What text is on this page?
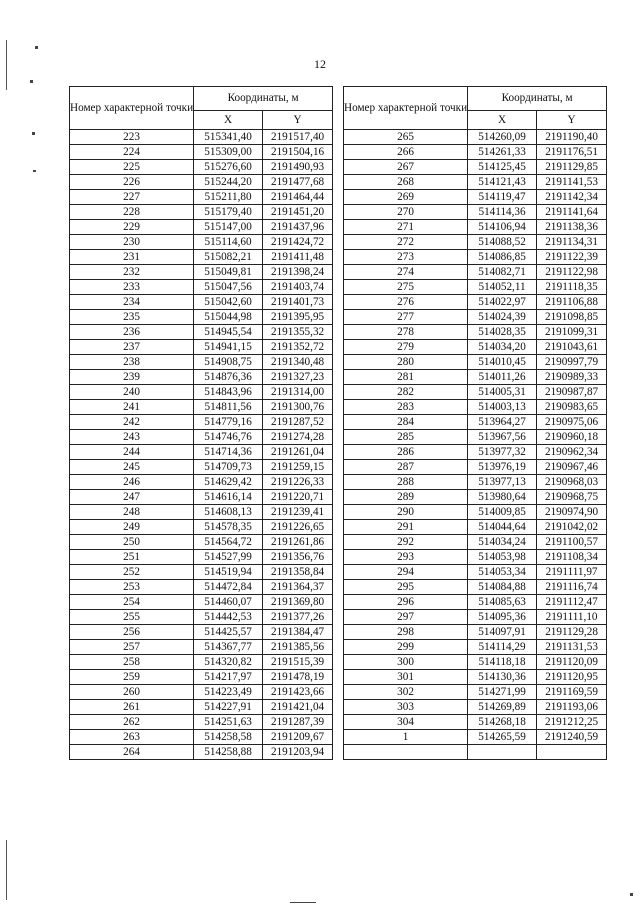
12
Номер характерной точки	Координаты, м	
	X	Y
223	515341,40	2191517,40
224	515309,00	2191504,16
225	515276,60	2191490,93
226	515244,20	2191477,68
227	515211,80	2191464,44
228	515179,40	2191451,20
229	515147,00	2191437,96
230	515114,60	2191424,72
231	515082,21	2191411,48
232	515049,81	2191398,24
233	515047,56	2191403,74
234	515042,60	2191401,73
235	515044,98	2191395,95
236	514945,54	2191355,32
237	514941,15	2191352,72
238	514908,75	2191340,48
239	514876,36	2191327,23
240	514843,96	2191314,00
241	514811,56	2191300,76
242	514779,16	2191287,52
243	514746,76	2191274,28
244	514714,36	2191261,04
245	514709,73	2191259,15
246	514629,42	2191226,33
247	514616,14	2191220,71
248	514608,13	2191239,41
249	514578,35	2191226,65
250	514564,72	2191261,86
251	514527,99	2191356,76
252	514519,94	2191358,84
253	514472,84	2191364,37
254	514460,07	2191369,80
255	514442,53	2191377,26
256	514425,57	2191384,47
257	514367,77	2191385,56
258	514320,82	2191515,39
259	514217,97	2191478,19
260	514223,49	2191423,66
261	514227,91	2191421,04
262	514251,63	2191287,39
263	514258,58	2191209,67
264	514258,88	2191203,94
Номер характерной точки	Координаты, м	
	X	Y
265	514260,09	2191190,40
266	514261,33	2191176,51
267	514125,45	2191129,85
268	514121,43	2191141,53
269	514119,47	2191142,34
270	514114,36	2191141,64
271	514106,94	2191138,36
272	514088,52	2191134,31
273	514086,85	2191122,39
274	514082,71	2191122,98
275	514052,11	2191118,35
276	514022,97	2191106,88
277	514024,39	2191098,85
278	514028,35	2191099,31
279	514034,20	2191043,61
280	514010,45	2190997,79
281	514011,26	2190989,33
282	514005,31	2190987,87
283	514003,13	2190983,65
284	513964,27	2190975,06
285	513967,56	2190960,18
286	513977,32	2190962,34
287	513976,19	2190967,46
288	513977,13	2190968,03
289	513980,64	2190968,75
290	514009,85	2190974,90
291	514044,64	2191042,02
292	514034,24	2191100,57
293	514053,98	2191108,34
294	514053,34	2191111,97
295	514084,88	2191116,74
296	514085,63	2191112,47
297	514095,36	2191111,10
298	514097,91	2191129,28
299	514114,29	2191131,53
300	514118,18	2191120,09
301	514130,36	2191120,95
302	514271,99	2191169,59
303	514269,89	2191193,06
304	514268,18	2191212,25
1	514265,59	2191240,59
